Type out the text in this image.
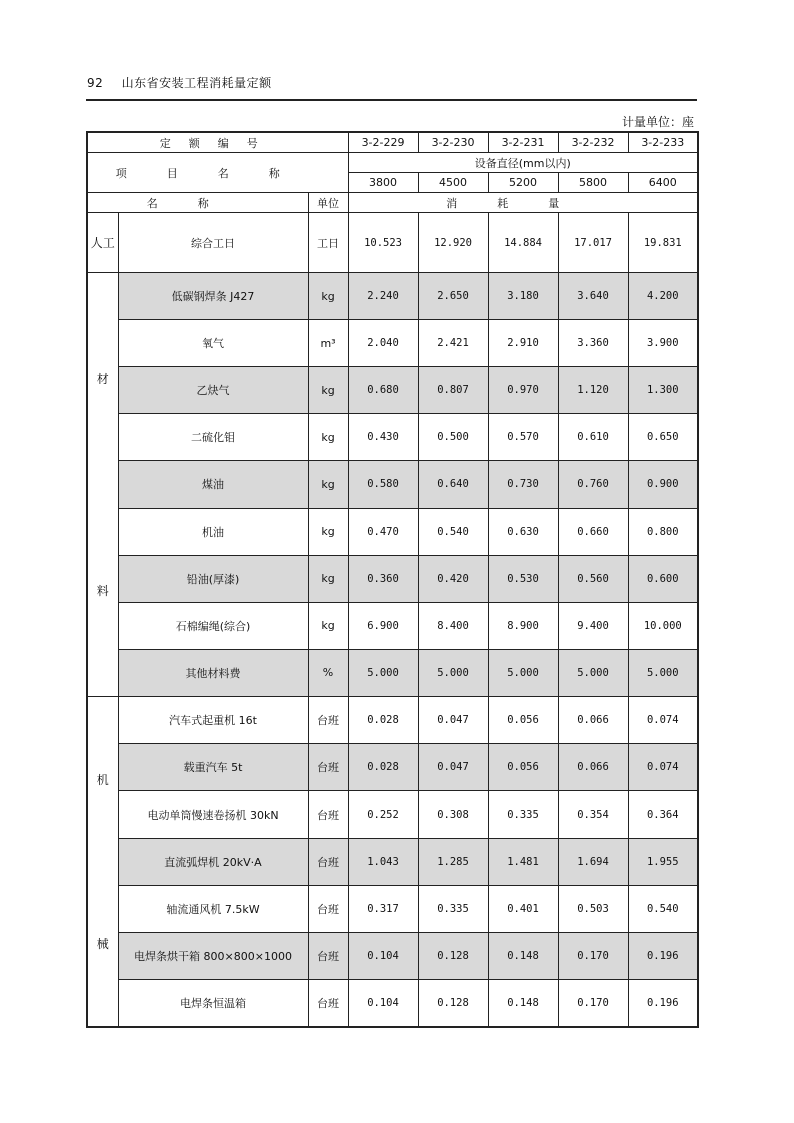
92 山东省安装工程消耗量定额
计量单位：座
定额编号			3-2-229	3-2-230	3-2-231	3-2-232	3-2-233
项目名称			设备直径(mm以内)				
			3800	4500	5200	5800	6400
名称		单位	消耗量				

人工	综合工日	工日	10.523	12.920	14.884	17.017	19.831

材
料	低碳钢焊条 J427	kg	2.240	2.650	3.180	3.640	4.200
	氧气	m³	2.040	2.421	2.910	3.360	3.900
	乙炔气	kg	0.680	0.807	0.970	1.120	1.300
	二硫化钼	kg	0.430	0.500	0.570	0.610	0.650
	煤油	kg	0.580	0.640	0.730	0.760	0.900
	机油	kg	0.470	0.540	0.630	0.660	0.800
	铅油(厚漆)	kg	0.360	0.420	0.530	0.560	0.600
	石棉编绳(综合)	kg	6.900	8.400	8.900	9.400	10.000
	其他材料费	%	5.000	5.000	5.000	5.000	5.000

机
械	汽车式起重机 16t	台班	0.028	0.047	0.056	0.066	0.074
	载重汽车 5t	台班	0.028	0.047	0.056	0.066	0.074
	电动单筒慢速卷扬机 30kN	台班	0.252	0.308	0.335	0.354	0.364
	直流弧焊机 20kV·A	台班	1.043	1.285	1.481	1.694	1.955
	轴流通风机 7.5kW	台班	0.317	0.335	0.401	0.503	0.540
	电焊条烘干箱 800×800×1000	台班	0.104	0.128	0.148	0.170	0.196
	电焊条恒温箱	台班	0.104	0.128	0.148	0.170	0.196
